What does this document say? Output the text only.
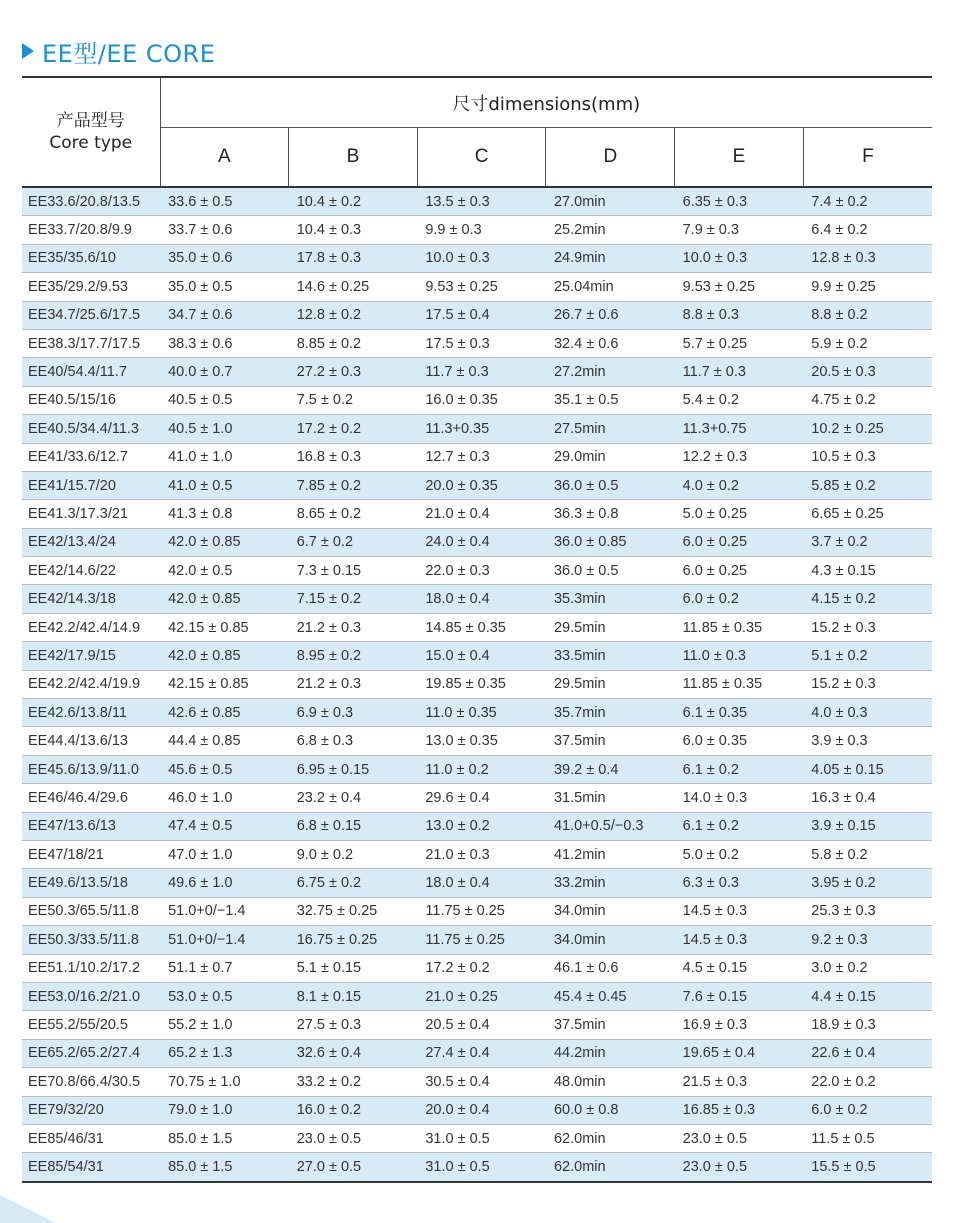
EE型/EE CORE
产品型号
Core type	尺寸dimensions(mm)					
	A	B	C	D	E	F
EE33.6/20.8/13.5	33.6 ± 0.5	10.4 ± 0.2	13.5 ± 0.3	27.0min	6.35 ± 0.3	7.4 ± 0.2
EE33.7/20.8/9.9	33.7 ± 0.6	10.4 ± 0.3	9.9 ± 0.3	25.2min	7.9 ± 0.3	6.4 ± 0.2
EE35/35.6/10	35.0 ± 0.6	17.8 ± 0.3	10.0 ± 0.3	24.9min	10.0 ± 0.3	12.8 ± 0.3
EE35/29.2/9.53	35.0 ± 0.5	14.6 ± 0.25	9.53 ± 0.25	25.04min	9.53 ± 0.25	9.9 ± 0.25
EE34.7/25.6/17.5	34.7 ± 0.6	12.8 ± 0.2	17.5 ± 0.4	26.7 ± 0.6	8.8 ± 0.3	8.8 ± 0.2
EE38.3/17.7/17.5	38.3 ± 0.6	8.85 ± 0.2	17.5 ± 0.3	32.4 ± 0.6	5.7 ± 0.25	5.9 ± 0.2
EE40/54.4/11.7	40.0 ± 0.7	27.2 ± 0.3	11.7 ± 0.3	27.2min	11.7 ± 0.3	20.5 ± 0.3
EE40.5/15/16	40.5 ± 0.5	7.5 ± 0.2	16.0 ± 0.35	35.1 ± 0.5	5.4 ± 0.2	4.75 ± 0.2
EE40.5/34.4/11.3	40.5 ± 1.0	17.2 ± 0.2	11.3+0.35	27.5min	11.3+0.75	10.2 ± 0.25
EE41/33.6/12.7	41.0 ± 1.0	16.8 ± 0.3	12.7 ± 0.3	29.0min	12.2 ± 0.3	10.5 ± 0.3
EE41/15.7/20	41.0 ± 0.5	7.85 ± 0.2	20.0 ± 0.35	36.0 ± 0.5	4.0 ± 0.2	5.85 ± 0.2
EE41.3/17.3/21	41.3 ± 0.8	8.65 ± 0.2	21.0 ± 0.4	36.3 ± 0.8	5.0 ± 0.25	6.65 ± 0.25
EE42/13.4/24	42.0 ± 0.85	6.7 ± 0.2	24.0 ± 0.4	36.0 ± 0.85	6.0 ± 0.25	3.7 ± 0.2
EE42/14.6/22	42.0 ± 0.5	7.3 ± 0.15	22.0 ± 0.3	36.0 ± 0.5	6.0 ± 0.25	4.3 ± 0.15
EE42/14.3/18	42.0 ± 0.85	7.15 ± 0.2	18.0 ± 0.4	35.3min	6.0 ± 0.2	4.15 ± 0.2
EE42.2/42.4/14.9	42.15 ± 0.85	21.2 ± 0.3	14.85 ± 0.35	29.5min	11.85 ± 0.35	15.2 ± 0.3
EE42/17.9/15	42.0 ± 0.85	8.95 ± 0.2	15.0 ± 0.4	33.5min	11.0 ± 0.3	5.1 ± 0.2
EE42.2/42.4/19.9	42.15 ± 0.85	21.2 ± 0.3	19.85 ± 0.35	29.5min	11.85 ± 0.35	15.2 ± 0.3
EE42.6/13.8/11	42.6 ± 0.85	6.9 ± 0.3	11.0 ± 0.35	35.7min	6.1 ± 0.35	4.0 ± 0.3
EE44.4/13.6/13	44.4 ± 0.85	6.8 ± 0.3	13.0 ± 0.35	37.5min	6.0 ± 0.35	3.9 ± 0.3
EE45.6/13.9/11.0	45.6 ± 0.5	6.95 ± 0.15	11.0 ± 0.2	39.2 ± 0.4	6.1 ± 0.2	4.05 ± 0.15
EE46/46.4/29.6	46.0 ± 1.0	23.2 ± 0.4	29.6 ± 0.4	31.5min	14.0 ± 0.3	16.3 ± 0.4
EE47/13.6/13	47.4 ± 0.5	6.8 ± 0.15	13.0 ± 0.2	41.0+0.5/−0.3	6.1 ± 0.2	3.9 ± 0.15
EE47/18/21	47.0 ± 1.0	9.0 ± 0.2	21.0 ± 0.3	41.2min	5.0 ± 0.2	5.8 ± 0.2
EE49.6/13.5/18	49.6 ± 1.0	6.75 ± 0.2	18.0 ± 0.4	33.2min	6.3 ± 0.3	3.95 ± 0.2
EE50.3/65.5/11.8	51.0+0/−1.4	32.75 ± 0.25	11.75 ± 0.25	34.0min	14.5 ± 0.3	25.3 ± 0.3
EE50.3/33.5/11.8	51.0+0/−1.4	16.75 ± 0.25	11.75 ± 0.25	34.0min	14.5 ± 0.3	9.2 ± 0.3
EE51.1/10.2/17.2	51.1 ± 0.7	5.1 ± 0.15	17.2 ± 0.2	46.1 ± 0.6	4.5 ± 0.15	3.0 ± 0.2
EE53.0/16.2/21.0	53.0 ± 0.5	8.1 ± 0.15	21.0 ± 0.25	45.4 ± 0.45	7.6 ± 0.15	4.4 ± 0.15
EE55.2/55/20.5	55.2 ± 1.0	27.5 ± 0.3	20.5 ± 0.4	37.5min	16.9 ± 0.3	18.9 ± 0.3
EE65.2/65.2/27.4	65.2 ± 1.3	32.6 ± 0.4	27.4 ± 0.4	44.2min	19.65 ± 0.4	22.6 ± 0.4
EE70.8/66.4/30.5	70.75 ± 1.0	33.2 ± 0.2	30.5 ± 0.4	48.0min	21.5 ± 0.3	22.0 ± 0.2
EE79/32/20	79.0 ± 1.0	16.0 ± 0.2	20.0 ± 0.4	60.0 ± 0.8	16.85 ± 0.3	6.0 ± 0.2
EE85/46/31	85.0 ± 1.5	23.0 ± 0.5	31.0 ± 0.5	62.0min	23.0 ± 0.5	11.5 ± 0.5
EE85/54/31	85.0 ± 1.5	27.0 ± 0.5	31.0 ± 0.5	62.0min	23.0 ± 0.5	15.5 ± 0.5
